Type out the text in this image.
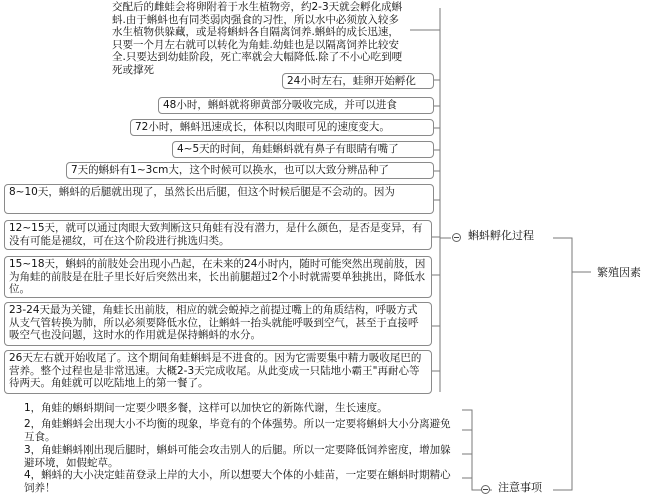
繁殖因素
蝌蚪孵化过程
交配后的雌蛙会将卵附着于水生植物旁，约2-3天就会孵化成蝌蚪.由于蝌蚪也有同类弱肉强食的习性，所以水中必须放入较多水生植物供躲藏，或是将蝌蚪各自隔离饲养.蝌蚪的成长迅速，只要一个月左右就可以转化为角蛙.幼蛙也是以隔离饲养比较安全.只要达到幼蛙阶段，死亡率就会大幅降低.除了不小心吃到哽死或撑死
24小时左右，蛙卵开始孵化
48小时，蝌蚪就将卵黄部分吸收完成，并可以进食
72小时，蝌蚪迅速成长，体积以肉眼可见的速度变大。
4~5天的时间，角蛙蝌蚪就有鼻子有眼睛有嘴了
7天的蝌蚪有1~3cm大，这个时候可以换水，也可以大致分辨品种了
8~10天，蝌蚪的后腿就出现了，虽然长出后腿，但这个时候后腿是不会动的。因为
12~15天，就可以通过肉眼大致判断这只角蛙有没有潜力，是什么颜色，是否是变异，有没有可能是褪纹，可在这个阶段进行挑选归类。
15~18天，蝌蚪的前肢处会出现小凸起，在未来的24小时内，随时可能突然出现前肢，因为角蛙的前肢是在肚子里长好后突然出来，长出前腿超过2个小时就需要单独挑出，降低水位。
23-24天最为关键，角蛙长出前肢，相应的就会蜕掉之前提过嘴上的角质结构，呼吸方式从支气管转换为肺，所以必须要降低水位，让蝌蚪一抬头就能呼吸到空气，甚至于直接呼吸空气也没问题，这时水的作用就是保持蝌蚪的水分。
26天左右就开始收尾了。这个期间角蛙蝌蚪是不进食的。因为它需要集中精力吸收尾巴的营养。整个过程也是非常迅速。大概2-3天完成收尾。从此变成一只陆地小霸王"再耐心等待两天。角蛙就可以吃陆地上的第一餐了。
注意事项
1，角蛙的蝌蚪期间一定要少喂多餐，这样可以加快它的新陈代谢，生长速度。
2，角蛙蝌蚪会出现大小不均衡的现象，毕竟有的个体强势。所以一定要将蝌蚪大小分离避免互食。
3，角蛙蝌蚪刚出现后腿时，蝌蚪可能会攻击别人的后腿。所以一定要降低饲养密度，增加躲避环境，如假蛇草。
4，蝌蚪的大小决定蛙苗登录上岸的大小，所以想要大个体的小蛙苗，一定要在蝌蚪时期精心饲养！
